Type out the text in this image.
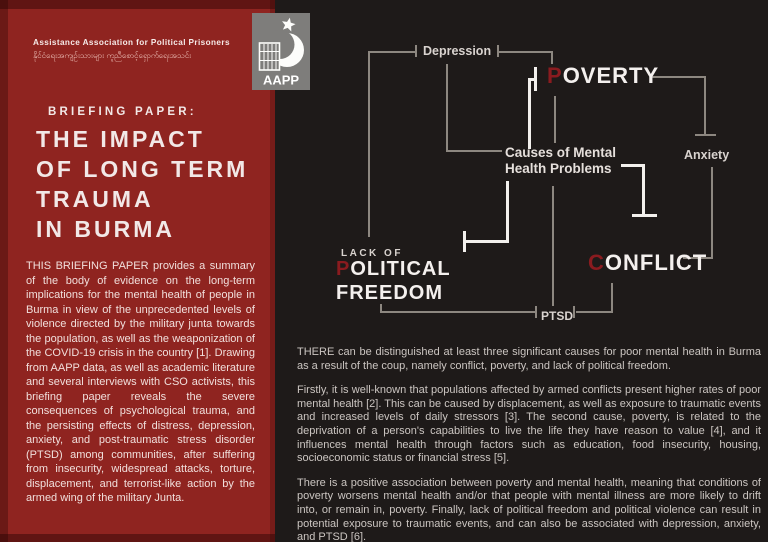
Assistance Association for Political Prisoners
နိုင်ငံရေးအကျဉ်းသားများ ကူညီစောင့်ရှောက်ရေးအသင်း
BRIEFING PAPER:
THE IMPACT
OF LONG TERM
TRAUMA
IN BURMA
THIS BRIEFING PAPER provides a summary of the body of evidence on the long-term implications for the mental health of people in Burma in view of the unprecedented levels of violence directed by the military junta towards the population, as well as the weaponization of the COVID-19 crisis in the country [1]. Drawing from AAPP data, as well as academic literature and several interviews with CSO activists, this briefing paper reveals the severe consequences of psychological trauma, and the persisting effects of distress, depression, anxiety, and post-traumatic stress disorder (PTSD) among communities, after suffering from insecurity, widespread attacks, torture, displacement, and terrorist-like action by the armed wing of the military Junta.
AAPP
Depression
POVERTY
Causes of Mental
Health Problems
Anxiety
LACK OF
POLITICAL
FREEDOM
CONFLICT
PTSD

THERE can be distinguished at least three significant causes for poor mental health in Burma as a result of the coup, namely conflict, poverty, and lack of political freedom.

Firstly, it is well-known that populations affected by armed conflicts present higher rates of poor mental health [2]. This can be caused by displacement, as well as exposure to traumatic events and increased levels of daily stressors [3]. The second cause, poverty, is related to the deprivation of a person's capabilities to live the life they have reason to value [4], and it influences mental health through factors such as education, food insecurity, housing, socioeconomic status or financial stress [5].

There is a positive association between poverty and mental health, meaning that conditions of poverty worsens mental health and/or that people with mental illness are more likely to drift into, or remain in, poverty. Finally, lack of political freedom and political violence can result in potential exposure to traumatic events, and can also be associated with depression, anxiety, and PTSD [6].
